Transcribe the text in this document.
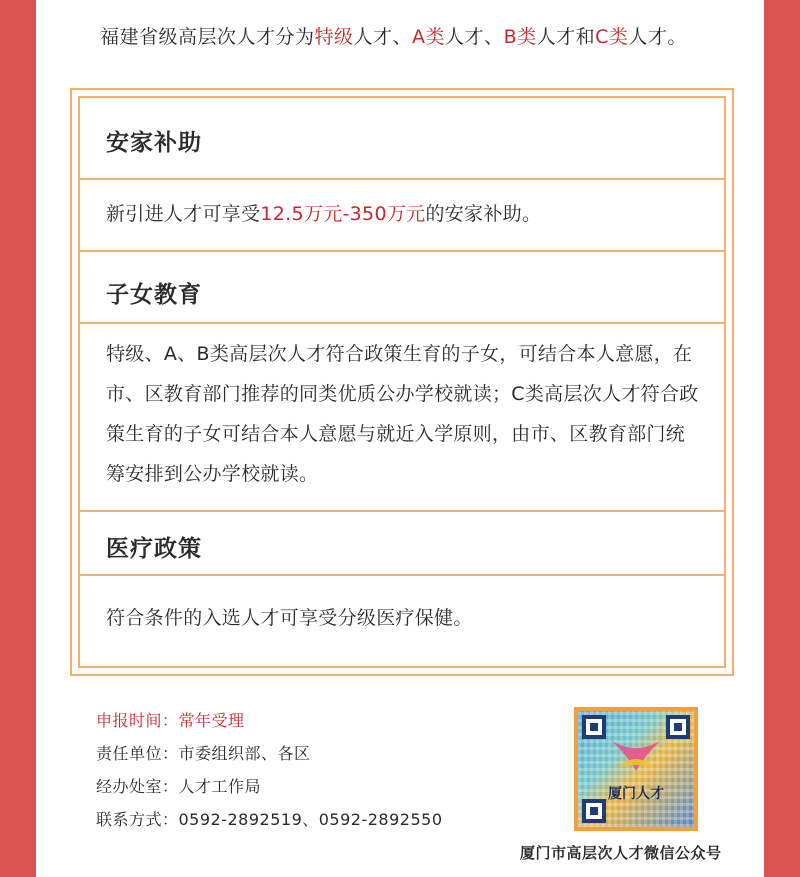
福建省级高层次人才分为特级人才、A类人才、B类人才和C类人才。
安家补助
新引进人才可享受12.5万元-350万元的安家补助。
子女教育
特级、A、B类高层次人才符合政策生育的子女，可结合本人意愿，在市、区教育部门推荐的同类优质公办学校就读；C类高层次人才符合政策生育的子女可结合本人意愿与就近入学原则，由市、区教育部门统筹安排到公办学校就读。
医疗政策
符合条件的入选人才可享受分级医疗保健。
申报时间：常年受理
责任单位：市委组织部、各区
经办处室：人才工作局
联系方式：0592-2892519、0592-2892550
厦门人才
厦门市高层次人才微信公众号
